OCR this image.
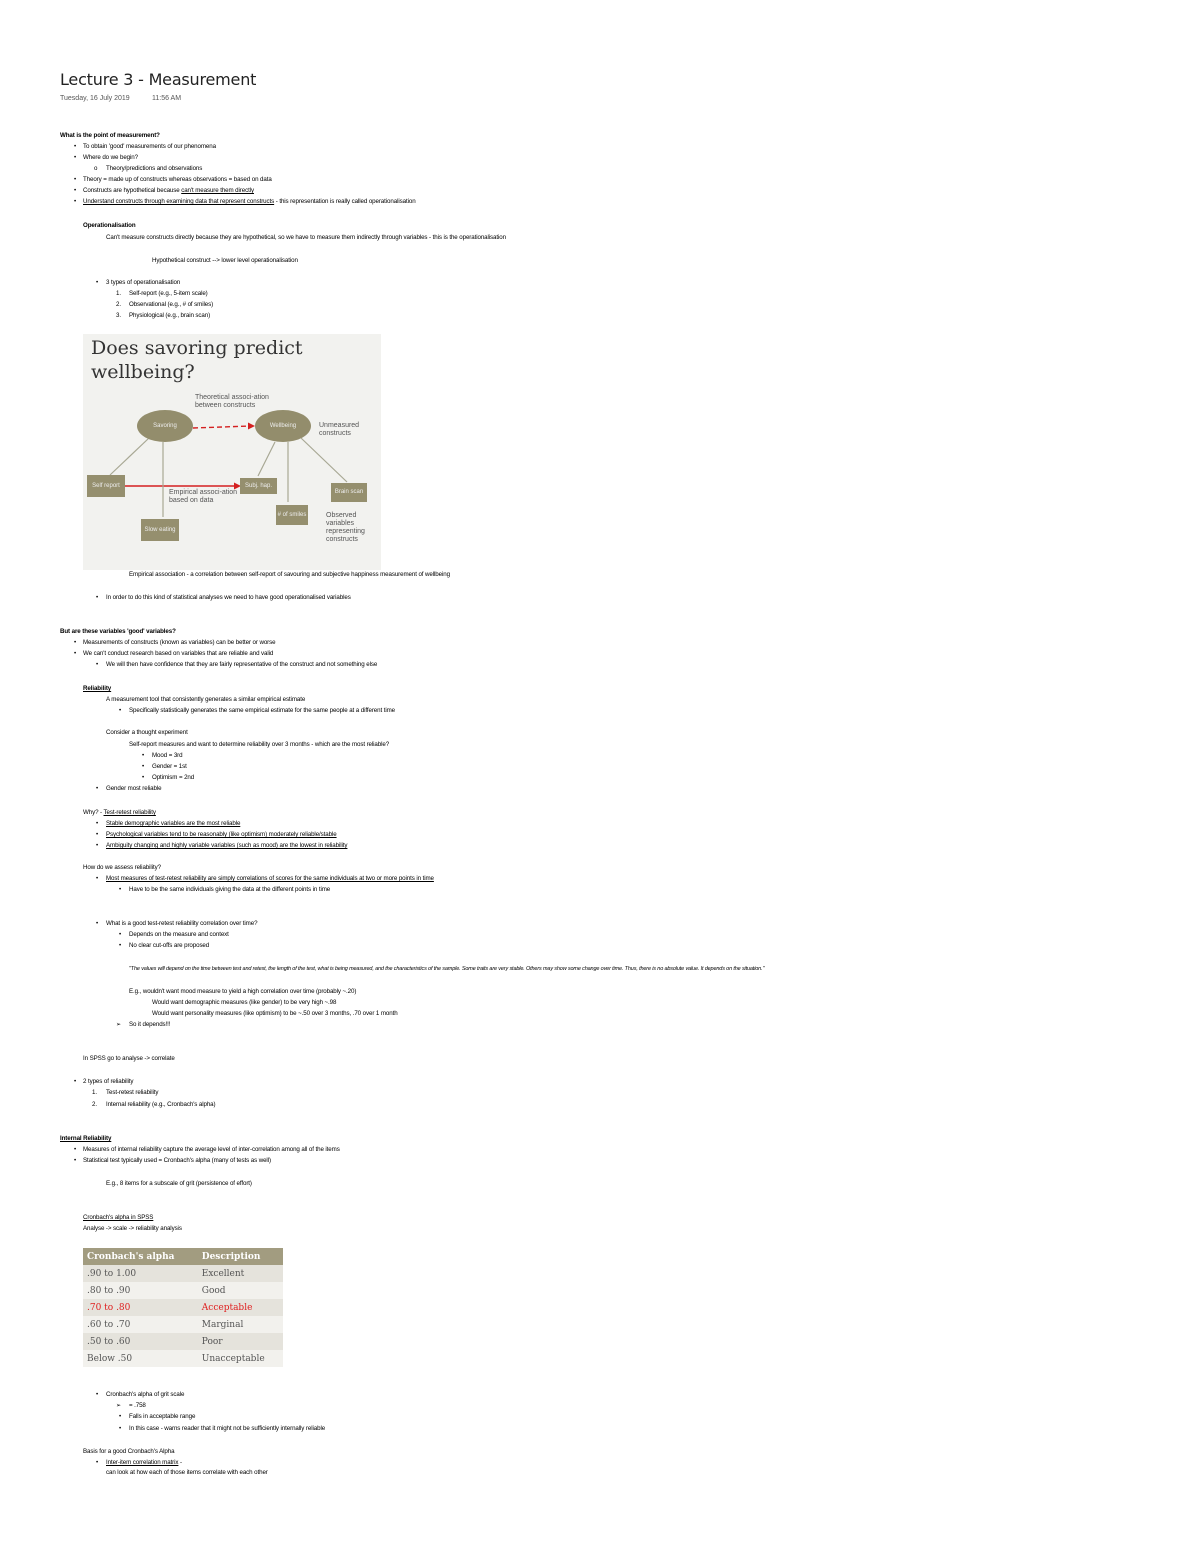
Lecture 3 - Measurement
Tuesday, 16 July 2019	11:56 AM
What is the point of measurement?
• To obtain 'good' measurements of our phenomena
• Where do we begin?
o Theory/predictions and observations
• Theory = made up of constructs whereas observations = based on data
• Constructs are hypothetical because can't measure them directly
• Understand constructs through examining data that represent constructs - this representation is really called operationalisation
Operationalisation
Can't measure constructs directly because they are hypothetical, so we have to measure them indirectly through variables - this is the operationalisation
Hypothetical construct --> lower level operationalisation
• 3 types of operationalisation
1. Self-report (e.g., 5-item scale)
2. Observational (e.g., # of smiles)
3. Physiological (e.g., brain scan)
Does savoring predict wellbeing?
Theoretical associ-ation between constructs
Savoring	Wellbeing	Unmeasured constructs
Self report	Subj. hap.
Brain scan
Empirical associ-ation based on data
# of smiles
Slow eating
Observed variables representing constructs
Empirical association - a correlation between self-report of savouring and subjective happiness measurement of wellbeing
• In order to do this kind of statistical analyses we need to have good operationalised variables
But are these variables 'good' variables?
• Measurements of constructs (known as variables) can be better or worse
• We can't conduct research based on variables that are reliable and valid
• We will then have confidence that they are fairly representative of the construct and not something else
Reliability
A measurement tool that consistently generates a similar empirical estimate
• Specifically statistically generates the same empirical estimate for the same people at a different time
Consider a thought experiment
Self-report measures and want to determine reliability over 3 months - which are the most reliable?
• Mood = 3rd
• Gender = 1st
• Optimism = 2nd
• Gender most reliable
Why? - Test-retest reliability
• Stable demographic variables are the most reliable
• Psychological variables tend to be reasonably (like optimism) moderately reliable/stable
• Ambiguity changing and highly variable variables (such as mood) are the lowest in reliability
How do we assess reliability?
• Most measures of test-retest reliability are simply correlations of scores for the same individuals at two or more points in time
• Have to be the same individuals giving the data at the different points in time
• What is a good test-retest reliability correlation over time?
• Depends on the measure and context
• No clear cut-offs are proposed
"The values will depend on the time between test and retest, the length of the test, what is being measured, and the characteristics of the sample. Some traits are very stable. Others may show some change over time. Thus, there is no absolute value. It depends on the situation."
E.g., wouldn't want mood measure to yield a high correlation over time (probably ~.20)
Would want demographic measures (like gender) to be very high ~.98
Would want personality measures (like optimism) to be ~.50 over 3 months, .70 over 1 month
➢ So it depends!!!
In SPSS go to analyse -> correlate
• 2 types of reliability
1. Test-retest reliability
2. Internal reliability (e.g., Cronbach's alpha)
Internal Reliability
• Measures of internal reliability capture the average level of inter-correlation among all of the items
• Statistical test typically used = Cronbach's alpha (many of tests as well)
E.g., 8 items for a subscale of grit (persistence of effort)
Cronbach's alpha in SPSS
Analyse -> scale -> reliability analysis
Cronbach's alpha	Description
.90 to 1.00	Excellent
.80 to .90	Good
.70 to .80	Acceptable
.60 to .70	Marginal
.50 to .60	Poor
Below .50	Unacceptable
• Cronbach's alpha of grit scale
➢ = .758
• Falls in acceptable range
• In this case - warns reader that it might not be sufficiently internally reliable
Basis for a good Cronbach's Alpha
• Inter-item correlation matrix -
can look at how each of those items correlate with each other
